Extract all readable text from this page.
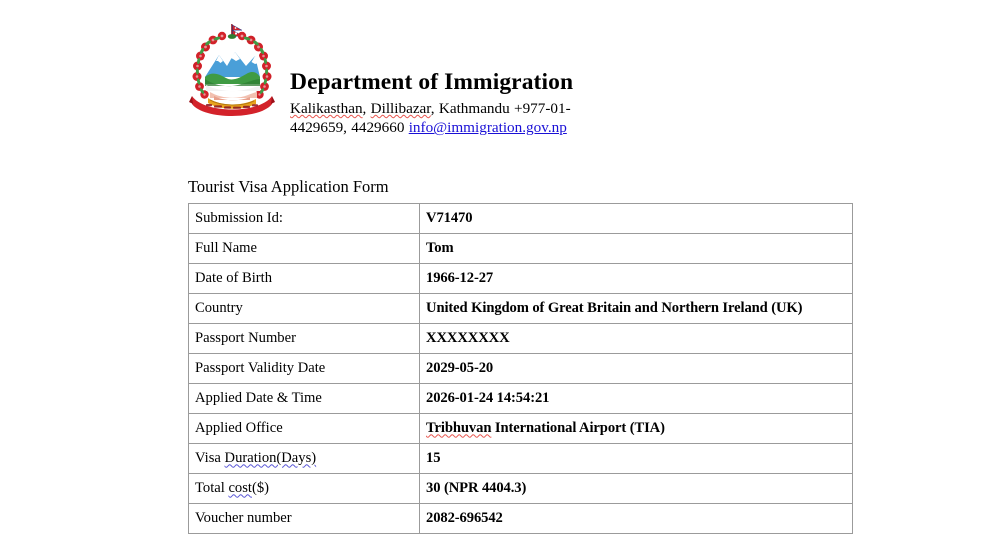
Department of Immigration
Kalikasthan, Dillibazar, Kathmandu +977-01-4429659, 4429660 info@immigration.gov.np
Tourist Visa Application Form
Submission Id:	V71470
Full Name	Tom
Date of Birth	1966-12-27
Country	United Kingdom of Great Britain and Northern Ireland (UK)
Passport Number	XXXXXXXX
Passport Validity Date	2029-05-20
Applied Date & Time	2026-01-24 14:54:21
Applied Office	Tribhuvan International Airport (TIA)
Visa Duration(Days)	15
Total cost($)	30 (NPR 4404.3)
Voucher number	2082-696542
